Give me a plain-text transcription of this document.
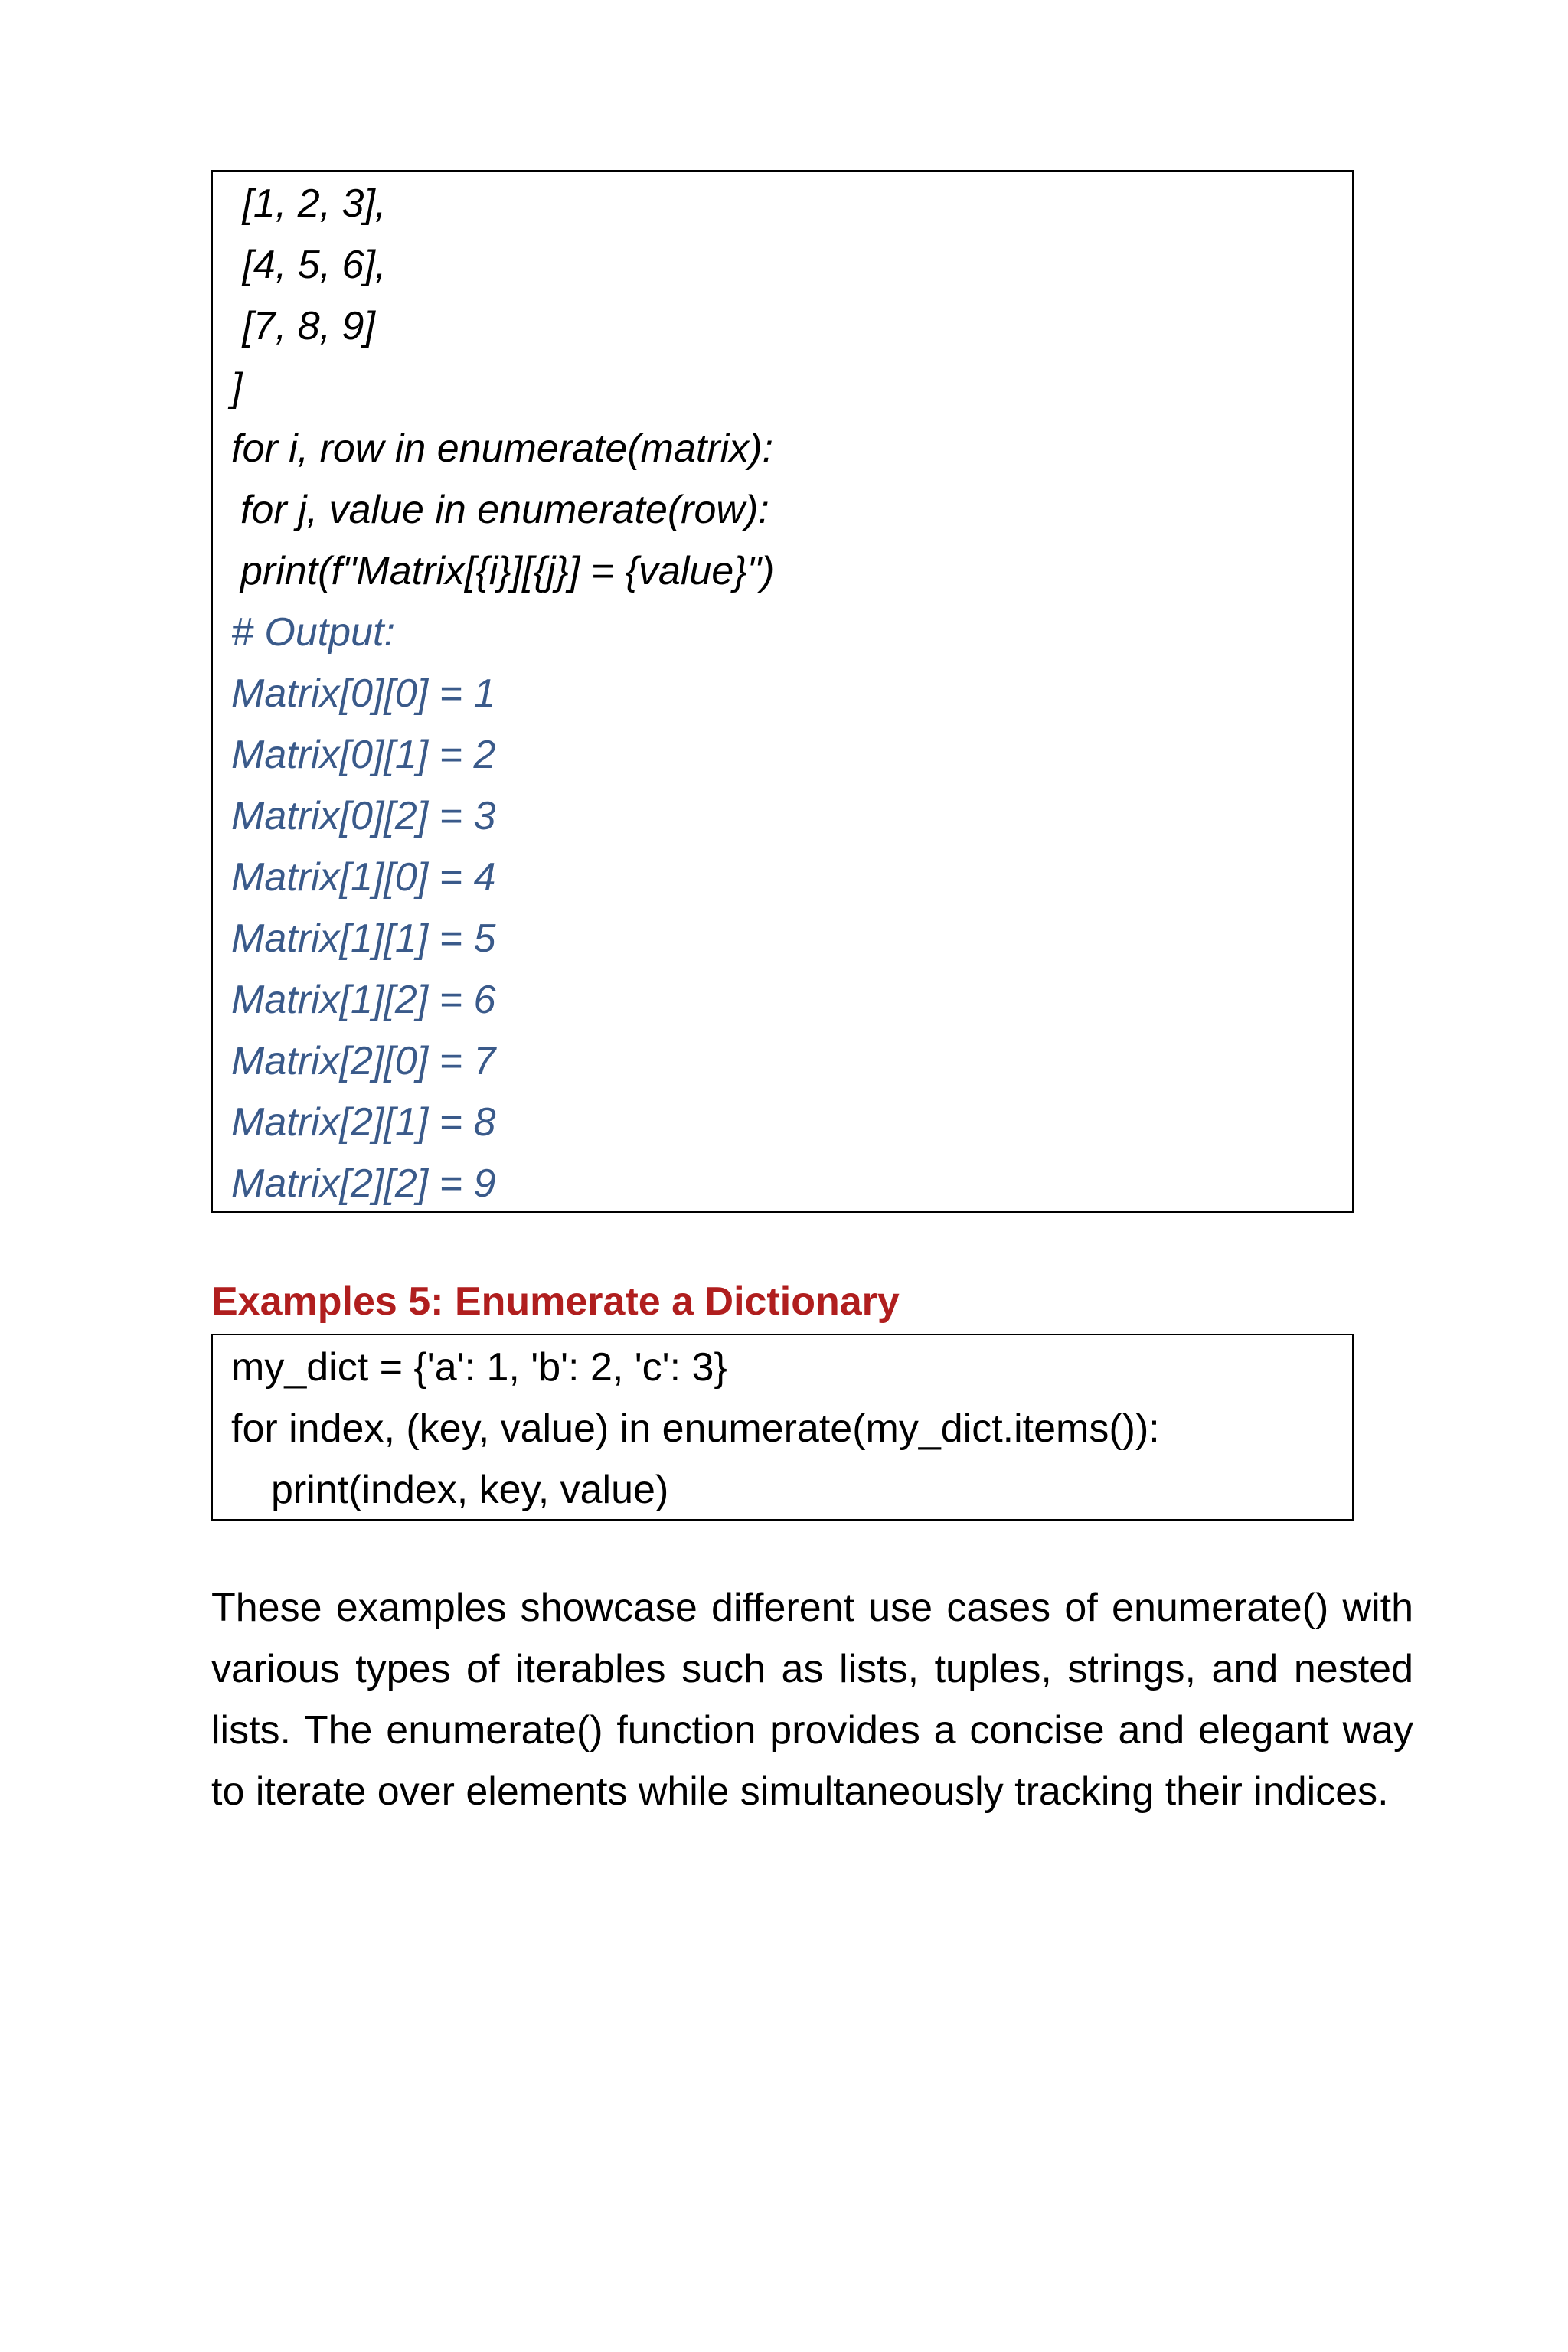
[1, 2, 3],

[4, 5, 6],

[7, 8, 9]

]

for i, row in enumerate(matrix):

for j, value in enumerate(row):

print(f"Matrix[{i}][{j}] = {value}")

# Output:

Matrix[0][0] = 1

Matrix[0][1] = 2

Matrix[0][2] = 3

Matrix[1][0] = 4

Matrix[1][1] = 5

Matrix[1][2] = 6

Matrix[2][0] = 7

Matrix[2][1] = 8

Matrix[2][2] = 9

Examples 5: Enumerate a Dictionary

my_dict = {'a': 1, 'b': 2, 'c': 3}

for index, (key, value) in enumerate(my_dict.items()):

print(index, key, value)

These examples showcase different use cases of enumerate() with various types of iterables such as lists, tuples, strings, and nested lists. The enumerate() function provides a concise and elegant way to iterate over elements while simultaneously tracking their indices.
